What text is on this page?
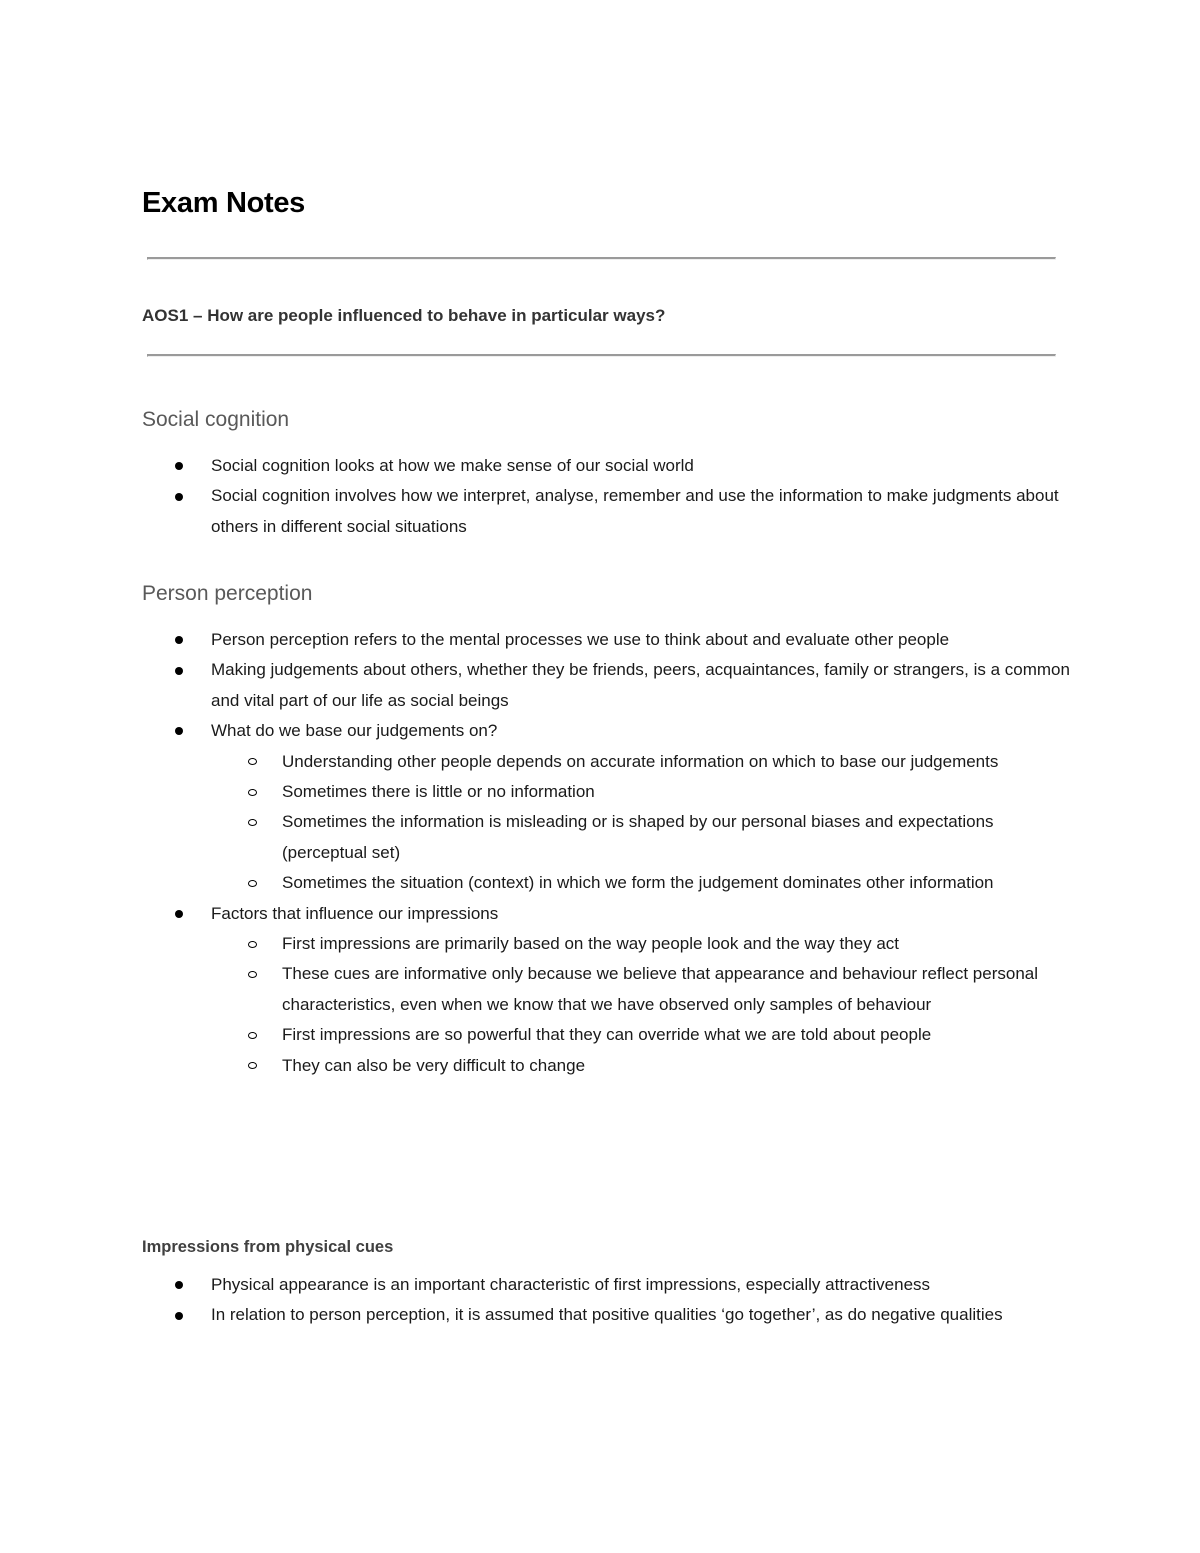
Exam Notes
AOS1 – How are people influenced to behave in particular ways?
Social cognition
Social cognition looks at how we make sense of our social world
Social cognition involves how we interpret, analyse, remember and use the information to make judgments about others in different social situations
Person perception
Person perception refers to the mental processes we use to think about and evaluate other people
Making judgements about others, whether they be friends, peers, acquaintances, family or strangers, is a common and vital part of our life as social beings
What do we base our judgements on?
Understanding other people depends on accurate information on which to base our judgements
Sometimes there is little or no information
Sometimes the information is misleading or is shaped by our personal biases and expectations (perceptual set)
Sometimes the situation (context) in which we form the judgement dominates other information
Factors that influence our impressions
First impressions are primarily based on the way people look and the way they act
These cues are informative only because we believe that appearance and behaviour reflect personal characteristics, even when we know that we have observed only samples of behaviour
First impressions are so powerful that they can override what we are told about people
They can also be very difficult to change
Impressions from physical cues
Physical appearance is an important characteristic of first impressions, especially attractiveness
In relation to person perception, it is assumed that positive qualities ‘go together’, as do negative qualities
